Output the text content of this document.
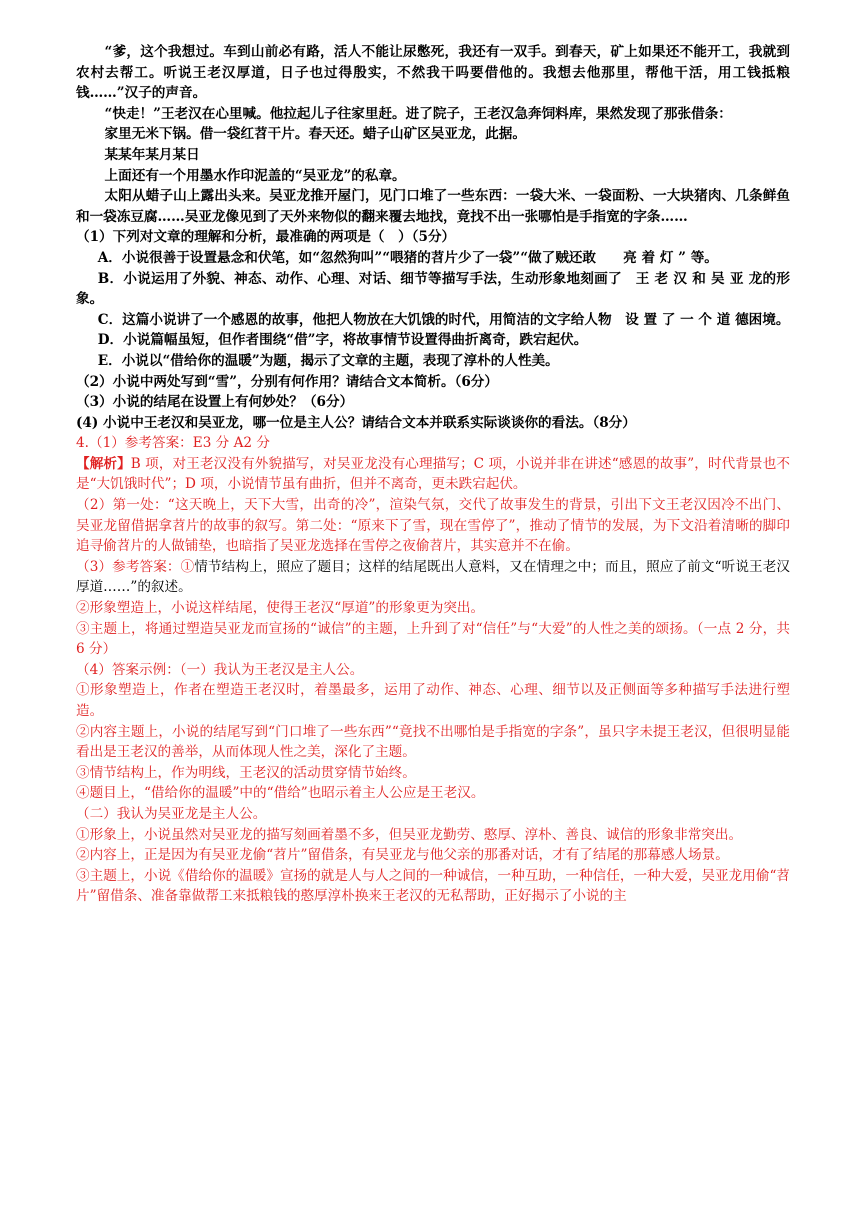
“爹，这个我想过。车到山前必有路，活人不能让尿憋死，我还有一双手。到春天，矿上如果还不能开工，我就到农村去帮工。听说王老汉厚道，日子也过得殷实，不然我干吗要借他的。我想去他那里，帮他干活，用工钱抵粮钱……”汉子的声音。

“快走！”王老汉在心里喊。他拉起儿子往家里赶。进了院子，王老汉急奔饲料库，果然发现了那张借条：

家里无米下锅。借一袋红苕干片。春天还。蜡子山矿区吴亚龙，此据。

某某年某月某日

上面还有一个用墨水作印泥盖的“吴亚龙”的私章。

太阳从蜡子山上露出头来。吴亚龙推开屋门，见门口堆了一些东西：一袋大米、一袋面粉、一大块猪肉、几条鲜鱼和一袋冻豆腐……吴亚龙像见到了天外来物似的翻来覆去地找，竟找不出一张哪怕是手指宽的字条……

（1）下列对文章的理解和分析，最准确的两项是（　）（5分）

A．小说很善于设置悬念和伏笔，如“忽然狗叫”“喂猪的苕片少了一袋”“做了贼还敢　　亮 着 灯 ” 等。

B．小说运用了外貌、神态、动作、心理、对话、细节等描写手法，生动形象地刻画了　王 老 汉 和 吴 亚 龙的形象。

C．这篇小说讲了一个感恩的故事，他把人物放在大饥饿的时代，用简洁的文字给人物　设 置 了 一 个 道 德困境。

D．小说篇幅虽短，但作者围绕“借”字，将故事情节设置得曲折离奇，跌宕起伏。

E．小说以“借给你的温暖”为题，揭示了文章的主题，表现了淳朴的人性美。

（2）小说中两处写到“雪”，分别有何作用？请结合文本简析。（6分）

（3）小说的结尾在设置上有何妙处？（6分）

(4) 小说中王老汉和吴亚龙，哪一位是主人公？请结合文本并联系实际谈谈你的看法。（8分）

4.（1）参考答案：E3 分 A2 分

【解析】B 项，对王老汉没有外貌描写，对吴亚龙没有心理描写；C 项，小说并非在讲述“感恩的故事”，时代背景也不是“大饥饿时代”；D 项，小说情节虽有曲折，但并不离奇，更未跌宕起伏。

（2）第一处：“这天晚上，天下大雪，出奇的冷”，渲染气氛，交代了故事发生的背景，引出下文王老汉因冷不出门、吴亚龙留借据拿苕片的故事的叙写。第二处：“原来下了雪，现在雪停了”，推动了情节的发展，为下文沿着清晰的脚印追寻偷苕片的人做铺垫，也暗指了吴亚龙选择在雪停之夜偷苕片，其实意并不在偷。

（3）参考答案：①情节结构上，照应了题目；这样的结尾既出人意料，又在情理之中；而且，照应了前文“听说王老汉厚道……”的叙述。

②形象塑造上，小说这样结尾，使得王老汉“厚道”的形象更为突出。

③主题上，将通过塑造吴亚龙而宣扬的“诚信”的主题，上升到了对“信任”与“大爱”的人性之美的颂扬。（一点 2 分，共 6 分）

（4）答案示例：（一）我认为王老汉是主人公。

①形象塑造上，作者在塑造王老汉时，着墨最多，运用了动作、神态、心理、细节以及正侧面等多种描写手法进行塑造。

②内容主题上，小说的结尾写到“门口堆了一些东西”“竟找不出哪怕是手指宽的字条”，虽只字未提王老汉，但很明显能看出是王老汉的善举，从而体现人性之美，深化了主题。

③情节结构上，作为明线，王老汉的活动贯穿情节始终。

④题目上，“借给你的温暖”中的“借给”也昭示着主人公应是王老汉。

（二）我认为吴亚龙是主人公。

①形象上，小说虽然对吴亚龙的描写刻画着墨不多，但吴亚龙勤劳、憨厚、淳朴、善良、诚信的形象非常突出。

②内容上，正是因为有吴亚龙偷“苕片”留借条，有吴亚龙与他父亲的那番对话，才有了结尾的那幕感人场景。

③主题上，小说《借给你的温暖》宣扬的就是人与人之间的一种诚信，一种互助，一种信任，一种大爱，吴亚龙用偷“苕片”留借条、准备靠做帮工来抵粮钱的憨厚淳朴换来王老汉的无私帮助，正好揭示了小说的主
